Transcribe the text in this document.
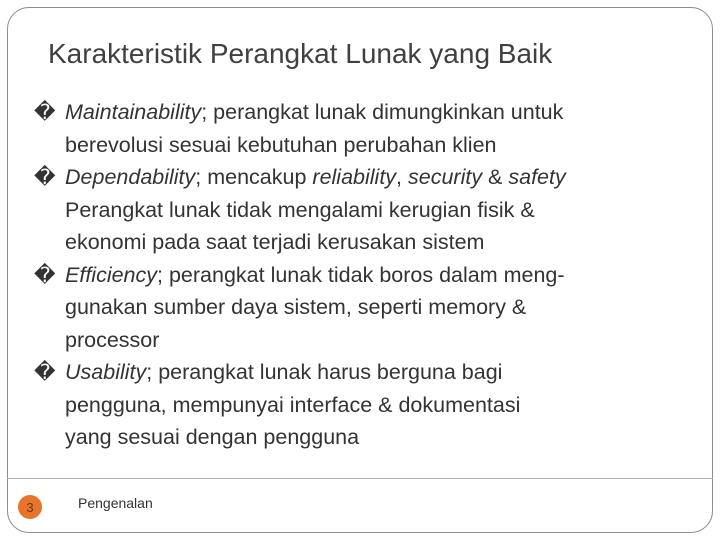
Karakteristik Perangkat Lunak yang Baik
� Maintainability; perangkat lunak dimungkinkan untuk
berevolusi sesuai kebutuhan perubahan klien
� Dependability; mencakup reliability, security & safety
Perangkat lunak tidak mengalami kerugian fisik &
ekonomi pada saat terjadi kerusakan sistem
� Efficiency; perangkat lunak tidak boros dalam meng-
gunakan sumber daya sistem, seperti memory &
processor
� Usability; perangkat lunak harus berguna bagi
pengguna, mempunyai interface & dokumentasi
yang sesuai dengan pengguna
3	Pengenalan
